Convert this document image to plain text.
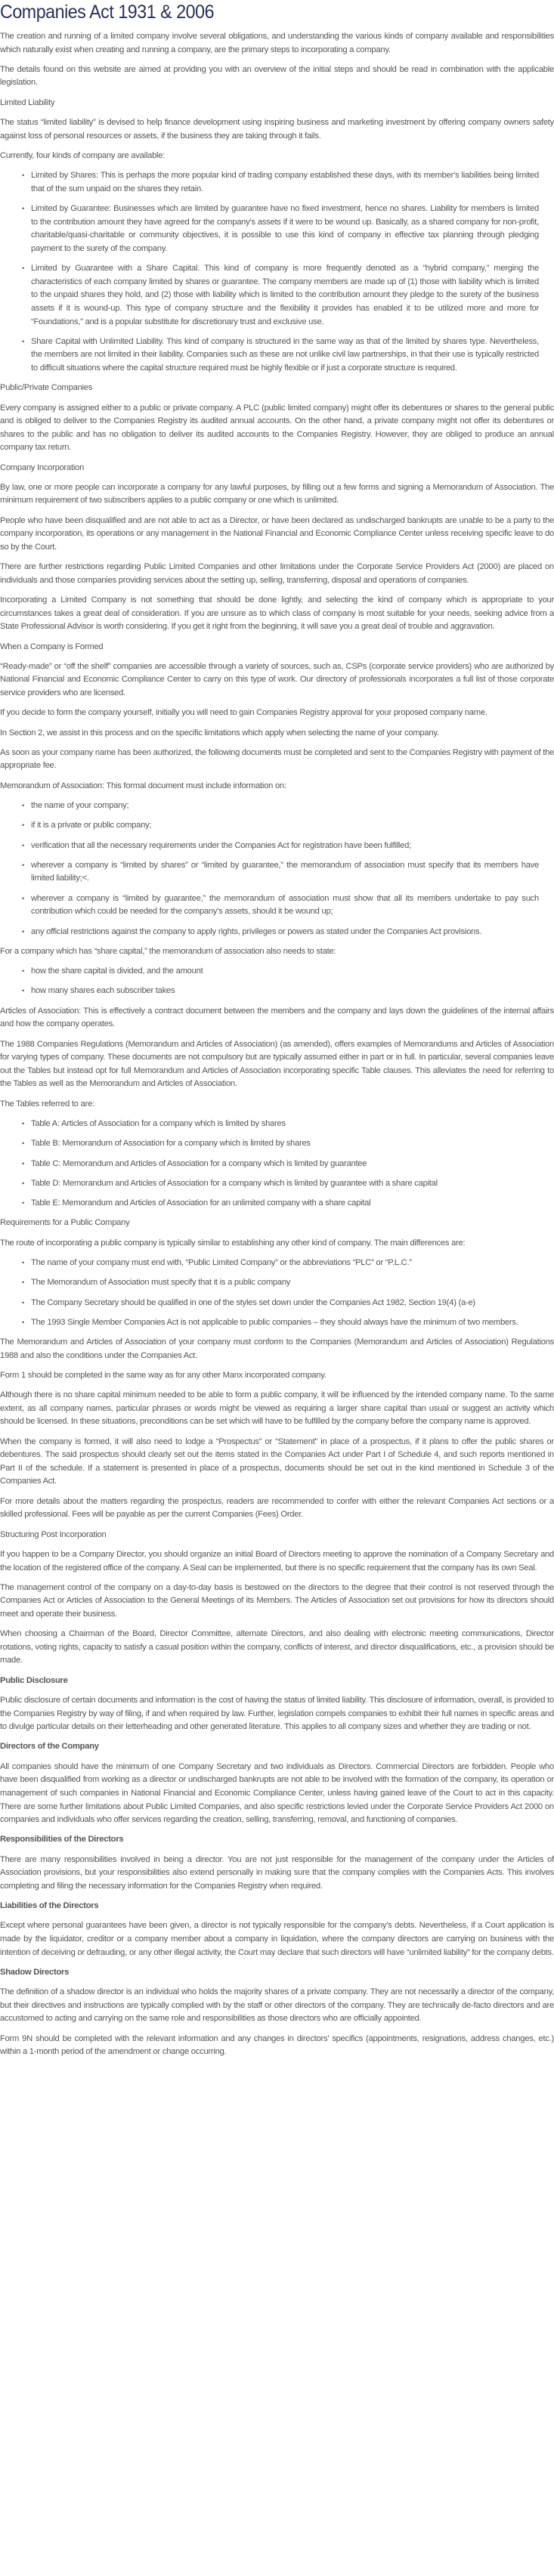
Companies Act 1931 & 2006

The creation and running of a limited company involve several obligations, and understanding the various kinds of company available and responsibilities which naturally exist when creating and running a company, are the primary steps to incorporating a company.

The details found on this website are aimed at providing you with an overview of the initial steps and should be read in combination with the applicable legislation.

Limited Liability

The status “limited liability” is devised to help finance development using inspiring business and marketing investment by offering company owners safety against loss of personal resources or assets, if the business they are taking through it fails.

Currently, four kinds of company are available:

• Limited by Shares: This is perhaps the more popular kind of trading company established these days, with its member's liabilities being limited that of the sum unpaid on the shares they retain.
• Limited by Guarantee: Businesses which are limited by guarantee have no fixed investment, hence no shares. Liability for members is limited to the contribution amount they have agreed for the company's assets if it were to be wound up. Basically, as a shared company for non-profit, charitable/quasi-charitable or community objectives, it is possible to use this kind of company in effective tax planning through pledging payment to the surety of the company.
• Limited by Guarantee with a Share Capital. This kind of company is more frequently denoted as a “hybrid company,” merging the characteristics of each company limited by shares or guarantee. The company members are made up of (1) those with liability which is limited to the unpaid shares they hold, and (2) those with liability which is limited to the contribution amount they pledge to the surety of the business assets if it is wound-up. This type of company structure and the flexibility it provides has enabled it to be utilized more and more for “Foundations,” and is a popular substitute for discretionary trust and exclusive use.
• Share Capital with Unlimited Liability. This kind of company is structured in the same way as that of the limited by shares type. Nevertheless, the members are not limited in their liability. Companies such as these are not unlike civil law partnerships, in that their use is typically restricted to difficult situations where the capital structure required must be highly flexible or if just a corporate structure is required.

Public/Private Companies

Every company is assigned either to a public or private company. A PLC (public limited company) might offer its debentures or shares to the general public and is obliged to deliver to the Companies Registry its audited annual accounts. On the other hand, a private company might not offer its debentures or shares to the public and has no obligation to deliver its audited accounts to the Companies Registry. However, they are obliged to produce an annual company tax return.

Company Incorporation

By law, one or more people can incorporate a company for any lawful purposes, by filling out a few forms and signing a Memorandum of Association. The minimum requirement of two subscribers applies to a public company or one which is unlimited.

People who have been disqualified and are not able to act as a Director, or have been declared as undischarged bankrupts are unable to be a party to the company incorporation, its operations or any management in the National Financial and Economic Compliance Center unless receiving specific leave to do so by the Court.

There are further restrictions regarding Public Limited Companies and other limitations under the Corporate Service Providers Act (2000) are placed on individuals and those companies providing services about the setting up, selling, transferring, disposal and operations of companies.

Incorporating a Limited Company is not something that should be done lightly, and selecting the kind of company which is appropriate to your circumstances takes a great deal of consideration. If you are unsure as to which class of company is most suitable for your needs, seeking advice from a State Professional Advisor is worth considering. If you get it right from the beginning, it will save you a great deal of trouble and aggravation.

When a Company is Formed

“Ready-made” or “off the shelf” companies are accessible through a variety of sources, such as, CSPs (corporate service providers) who are authorized by National Financial and Economic Compliance Center to carry on this type of work. Our directory of professionals incorporates a full list of those corporate service providers who are licensed.

If you decide to form the company yourself, initially you will need to gain Companies Registry approval for your proposed company name.

In Section 2, we assist in this process and on the specific limitations which apply when selecting the name of your company.

As soon as your company name has been authorized, the following documents must be completed and sent to the Companies Registry with payment of the appropriate fee.

Memorandum of Association: This formal document must include information on:

• the name of your company;
• if it is a private or public company;
• verification that all the necessary requirements under the Companies Act for registration have been fulfilled;
• wherever a company is “limited by shares” or “limited by guarantee,” the memorandum of association must specify that its members have limited liability;<.
• wherever a company is “limited by guarantee,” the memorandum of association must show that all its members undertake to pay such contribution which could be needed for the company's assets, should it be wound up;
• any official restrictions against the company to apply rights, privileges or powers as stated under the Companies Act provisions.

For a company which has “share capital,” the memorandum of association also needs to state:

• how the share capital is divided, and the amount
• how many shares each subscriber takes

Articles of Association: This is effectively a contract document between the members and the company and lays down the guidelines of the internal affairs and how the company operates.

The 1988 Companies Regulations (Memorandum and Articles of Association) (as amended), offers examples of Memorandums and Articles of Association for varying types of company. These documents are not compulsory but are typically assumed either in part or in full. In particular, several companies leave out the Tables but instead opt for full Memorandum and Articles of Association incorporating specific Table clauses. This alleviates the need for referring to the Tables as well as the Memorandum and Articles of Association.

The Tables referred to are:

• Table A: Articles of Association for a company which is limited by shares
• Table B: Memorandum of Association for a company which is limited by shares
• Table C: Memorandum and Articles of Association for a company which is limited by guarantee
• Table D: Memorandum and Articles of Association for a company which is limited by guarantee with a share capital
• Table E: Memorandum and Articles of Association for an unlimited company with a share capital

Requirements for a Public Company

The route of incorporating a public company is typically similar to establishing any other kind of company. The main differences are:

• The name of your company must end with, “Public Limited Company” or the abbreviations “PLC” or “P.L.C.”
• The Memorandum of Association must specify that it is a public company
• The Company Secretary should be qualified in one of the styles set down under the Companies Act 1982, Section 19(4) (a-e)
• The 1993 Single Member Companies Act is not applicable to public companies – they should always have the minimum of two members.

The Memorandum and Articles of Association of your company must conform to the Companies (Memorandum and Articles of Association) Regulations 1988 and also the conditions under the Companies Act.

Form 1 should be completed in the same way as for any other Manx incorporated company.

Although there is no share capital minimum needed to be able to form a public company, it will be influenced by the intended company name. To the same extent, as all company names, particular phrases or words might be viewed as requiring a larger share capital than usual or suggest an activity which should be licensed. In these situations, preconditions can be set which will have to be fulfilled by the company before the company name is approved.

When the company is formed, it will also need to lodge a “Prospectus” or “Statement” in place of a prospectus, if it plans to offer the public shares or debentures. The said prospectus should clearly set out the items stated in the Companies Act under Part I of Schedule 4, and such reports mentioned in Part II of the schedule. If a statement is presented in place of a prospectus, documents should be set out in the kind mentioned in Schedule 3 of the Companies Act.

For more details about the matters regarding the prospectus, readers are recommended to confer with either the relevant Companies Act sections or a skilled professional. Fees will be payable as per the current Companies (Fees) Order.

Structuring Post Incorporation

If you happen to be a Company Director, you should organize an initial Board of Directors meeting to approve the nomination of a Company Secretary and the location of the registered office of the company. A Seal can be implemented, but there is no specific requirement that the company has its own Seal.

The management control of the company on a day-to-day basis is bestowed on the directors to the degree that their control is not reserved through the Companies Act or Articles of Association to the General Meetings of its Members. The Articles of Association set out provisions for how its directors should meet and operate their business.

When choosing a Chairman of the Board, Director Committee, alternate Directors, and also dealing with electronic meeting communications, Director rotations, voting rights, capacity to satisfy a casual position within the company, conflicts of interest, and director disqualifications, etc., a provision should be made.

Public Disclosure

Public disclosure of certain documents and information is the cost of having the status of limited liability. This disclosure of information, overall, is provided to the Companies Registry by way of filing, if and when required by law. Further, legislation compels companies to exhibit their full names in specific areas and to divulge particular details on their letterheading and other generated literature. This applies to all company sizes and whether they are trading or not.

Directors of the Company

All companies should have the minimum of one Company Secretary and two individuals as Directors. Commercial Directors are forbidden. People who have been disqualified from working as a director or undischarged bankrupts are not able to be involved with the formation of the company, its operation or management of such companies in National Financial and Economic Compliance Center, unless having gained leave of the Court to act in this capacity. There are some further limitations about Public Limited Companies, and also specific restrictions levied under the Corporate Service Providers Act 2000 on companies and individuals who offer services regarding the creation, selling, transferring, removal, and functioning of companies.

Responsibilities of the Directors

There are many responsibilities involved in being a director. You are not just responsible for the management of the company under the Articles of Association provisions, but your responsibilities also extend personally in making sure that the company complies with the Companies Acts. This involves completing and filing the necessary information for the Companies Registry when required.

Liabilities of the Directors

Except where personal guarantees have been given, a director is not typically responsible for the company's debts. Nevertheless, if a Court application is made by the liquidator, creditor or a company member about a company in liquidation, where the company directors are carrying on business with the intention of deceiving or defrauding, or any other illegal activity, the Court may declare that such directors will have “unlimited liability” for the company debts.

Shadow Directors

The definition of a shadow director is an individual who holds the majority shares of a private company. They are not necessarily a director of the company, but their directives and instructions are typically complied with by the staff or other directors of the company. They are technically de-facto directors and are accustomed to acting and carrying on the same role and responsibilities as those directors who are officially appointed.

Form 9N should be completed with the relevant information and any changes in directors' specifics (appointments, resignations, address changes, etc.) within a 1-month period of the amendment or change occurring.
